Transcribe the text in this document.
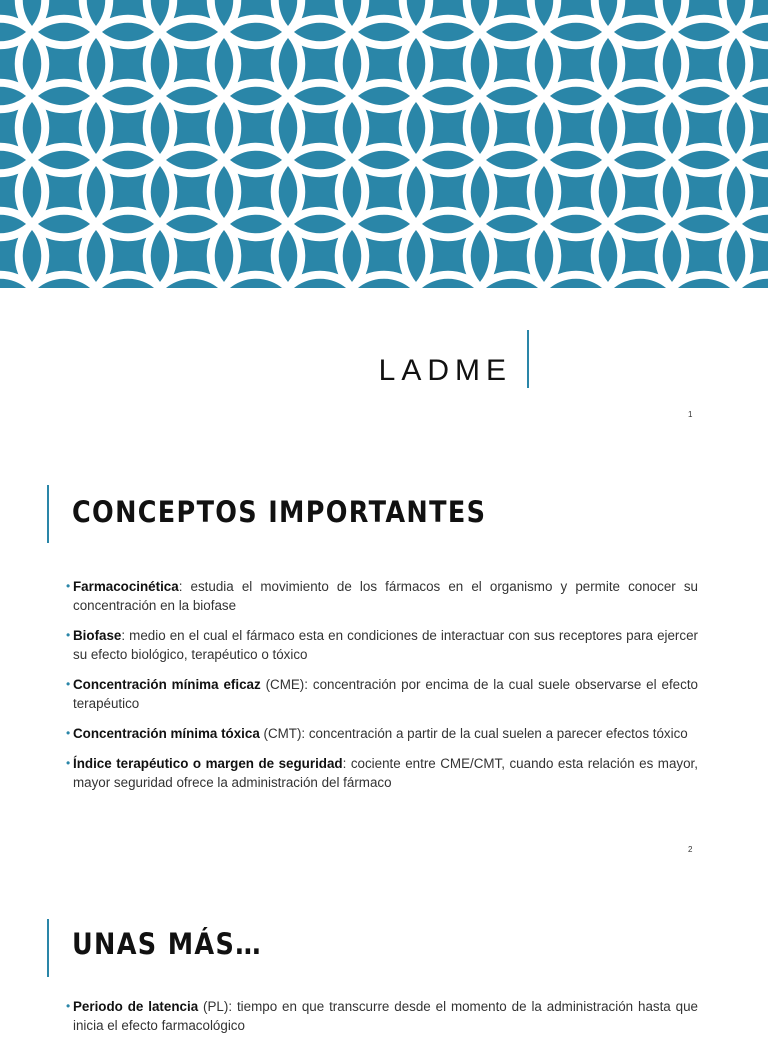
LADME
1
CONCEPTOS IMPORTANTES
• Farmacocinética: estudia el movimiento de los fármacos en el organismo y permite conocer su concentración en la biofase
• Biofase: medio en el cual el fármaco esta en condiciones de interactuar con sus receptores para ejercer su efecto biológico, terapéutico o tóxico
• Concentración mínima eficaz (CME): concentración por encima de la cual suele observarse el efecto terapéutico
• Concentración mínima tóxica (CMT): concentración a partir de la cual suelen a parecer efectos tóxico
• Índice terapéutico o margen de seguridad: cociente entre CME/CMT, cuando esta relación es mayor, mayor seguridad ofrece la administración del fármaco
2
UNAS MÁS…
• Periodo de latencia (PL): tiempo en que transcurre desde el momento de la administración hasta que inicia el efecto farmacológico
